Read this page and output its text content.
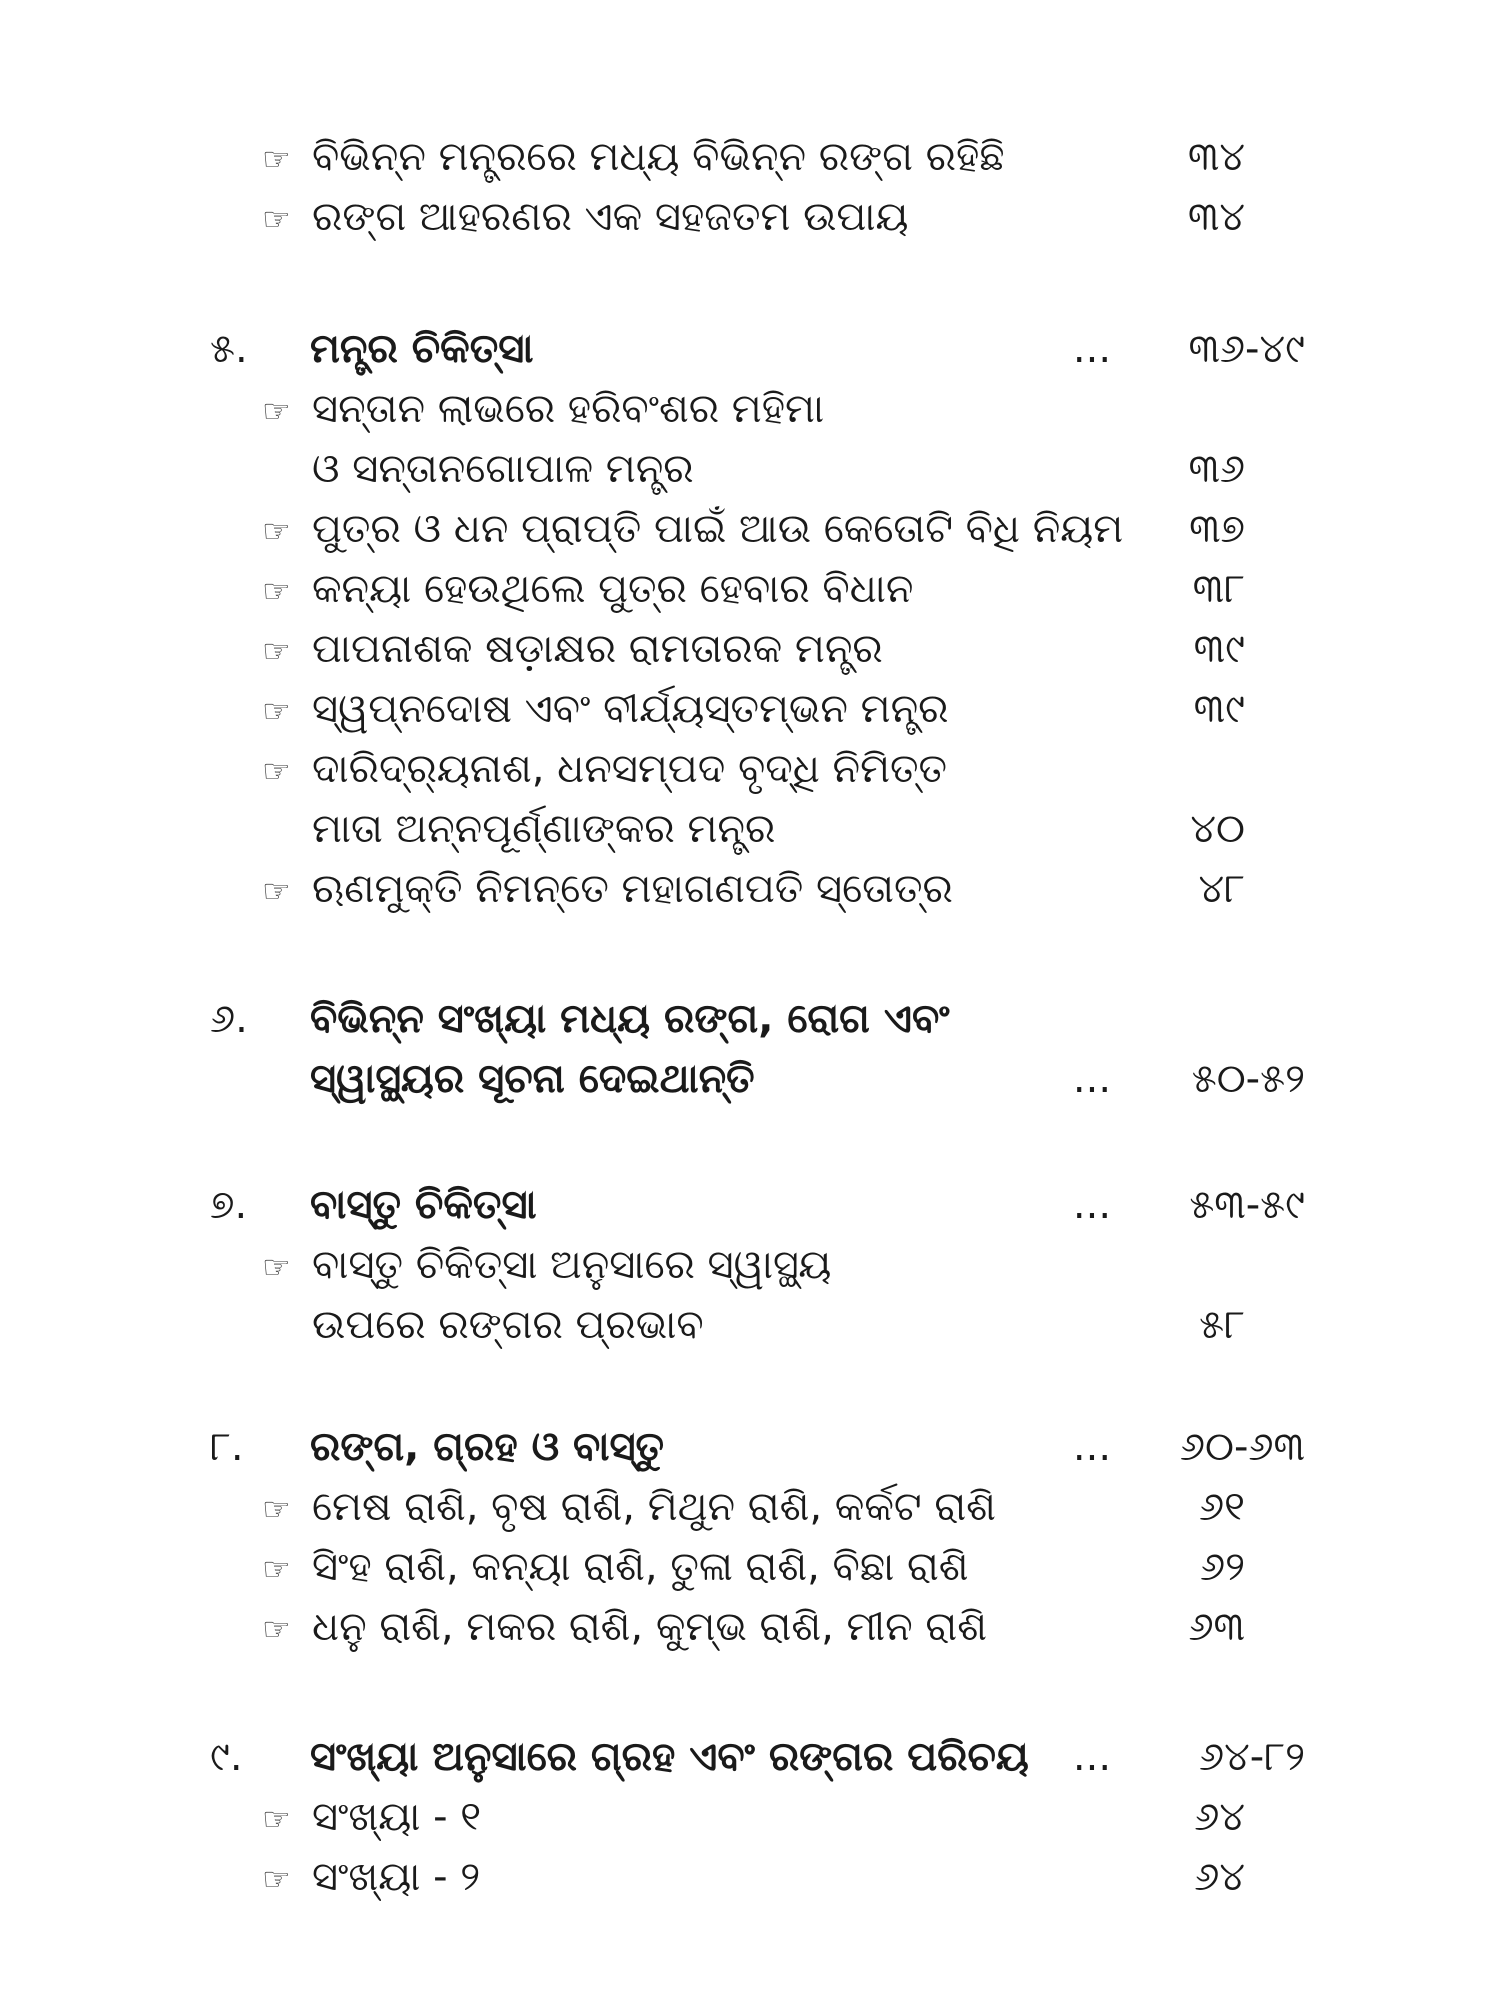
☞ ବିଭିନ୍ନ ମନ୍ତ୍ରରେ ମଧ୍ୟ ବିଭିନ୍ନ ରଙ୍ଗ ରହିଛି	୩୪
☞ ରଙ୍ଗ ଆହରଣର ଏକ ସହଜତମ ଉପାୟ	୩୪
୫.	ମନ୍ତ୍ର ଚିକିତ୍ସା	...	୩୬-୪୯
☞ ସନ୍ତାନ ଲାଭରେ ହରିବଂଶର ମହିମା
ଓ ସନ୍ତାନଗୋପାଳ ମନ୍ତ୍ର	୩୬
☞ ପୁତ୍ର ଓ ଧନ ପ୍ରାପ୍ତି ପାଇଁ ଆଉ କେତୋଟି ବିଧି ନିୟମ	୩୭
☞ କନ୍ୟା ହେଉଥିଲେ ପୁତ୍ର ହେବାର ବିଧାନ	୩୮
☞ ପାପନାଶକ ଷଡ଼ାକ୍ଷର ରାମତାରକ ମନ୍ତ୍ର	୩୯
☞ ସ୍ୱପ୍ନଦୋଷ ଏବଂ ବୀର୍ଯ୍ୟସ୍ତମ୍ଭନ ମନ୍ତ୍ର	୩୯
☞ ଦାରିଦ୍ର୍ୟନାଶ, ଧନସମ୍ପଦ ବୃଦ୍ଧି ନିମିତ୍ତ
ମାତା ଅନ୍ନପୂର୍ଣ୍ଣାଙ୍କର ମନ୍ତ୍ର	୪୦
☞ ଋଣମୁକ୍ତି ନିମନ୍ତେ ମହାଗଣପତି ସ୍ତୋତ୍ର	୪୮
୬.	ବିଭିନ୍ନ ସଂଖ୍ୟା ମଧ୍ୟ ରଙ୍ଗ, ରୋଗ ଏବଂ
ସ୍ୱାସ୍ଥ୍ୟର ସୂଚନା ଦେଇଥାନ୍ତି	...	୫୦-୫୨
୭.	ବାସ୍ତୁ ଚିକିତ୍ସା	...	୫୩-୫୯
☞ ବାସ୍ତୁ ଚିକିତ୍ସା ଅନୁସାରେ ସ୍ୱାସ୍ଥ୍ୟ
ଉପରେ ରଙ୍ଗର ପ୍ରଭାବ	୫୮
୮.	ରଙ୍ଗ, ଗ୍ରହ ଓ ବାସ୍ତୁ	...	୬୦-୬୩
☞ ମେଷ ରାଶି, ବୃଷ ରାଶି, ମିଥୁନ ରାଶି, କର୍କଟ ରାଶି	୬୧
☞ ସିଂହ ରାଶି, କନ୍ୟା ରାଶି, ତୁଳା ରାଶି, ବିଛା ରାଶି	୬୨
☞ ଧନୁ ରାଶି, ମକର ରାଶି, କୁମ୍ଭ ରାଶି, ମୀନ ରାଶି	୬୩
୯.	ସଂଖ୍ୟା ଅନୁସାରେ ଗ୍ରହ ଏବଂ ରଙ୍ଗର ପରିଚୟ	...	୬୪-୮୨
☞ ସଂଖ୍ୟା - ୧	୬୪
☞ ସଂଖ୍ୟା - ୨	୬୪
